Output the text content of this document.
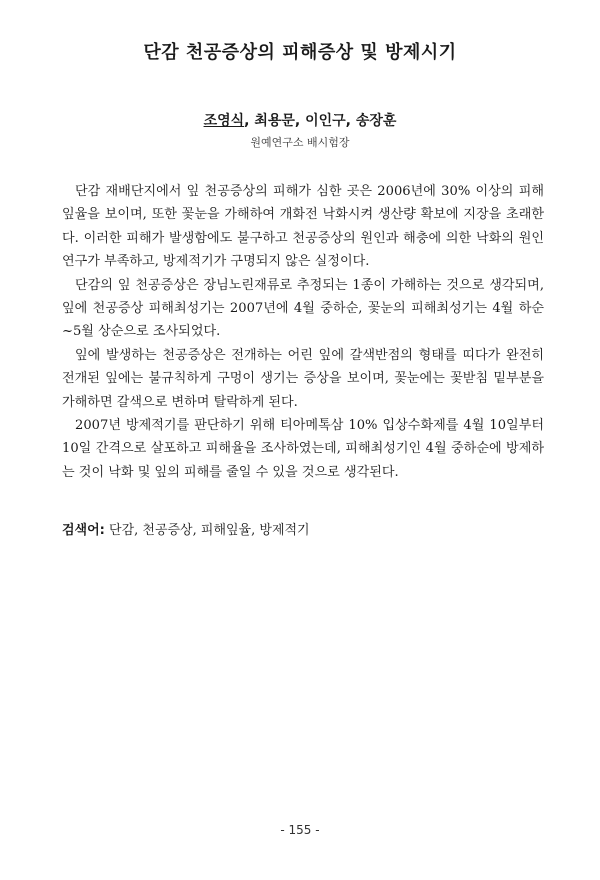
단감 천공증상의 피해증상 및 방제시기
조영식, 최용문, 이인구, 송장훈
원예연구소 배시험장

단감 재배단지에서 잎 천공증상의 피해가 심한 곳은 2006년에 30% 이상의 피해잎율을 보이며, 또한 꽃눈을 가해하여 개화전 낙화시켜 생산량 확보에 지장을 초래한다. 이러한 피해가 발생함에도 불구하고 천공증상의 원인과 해충에 의한 낙화의 원인 연구가 부족하고, 방제적기가 구명되지 않은 실정이다.

단감의 잎 천공증상은 장님노린재류로 추정되는 1종이 가해하는 것으로 생각되며, 잎에 천공증상 피해최성기는 2007년에 4월 중하순, 꽃눈의 피해최성기는 4월 하순~5월 상순으로 조사되었다.

잎에 발생하는 천공증상은 전개하는 어린 잎에 갈색반점의 형태를 띠다가 완전히 전개된 잎에는 불규칙하게 구멍이 생기는 증상을 보이며, 꽃눈에는 꽃받침 밑부분을 가해하면 갈색으로 변하며 탈락하게 된다.

2007년 방제적기를 판단하기 위해 티아메톡삼 10% 입상수화제를 4월 10일부터 10일 간격으로 살포하고 피해율을 조사하였는데, 피해최성기인 4월 중하순에 방제하는 것이 낙화 및 잎의 피해를 줄일 수 있을 것으로 생각된다.

검색어: 단감, 천공증상, 피해잎율, 방제적기
- 155 -
